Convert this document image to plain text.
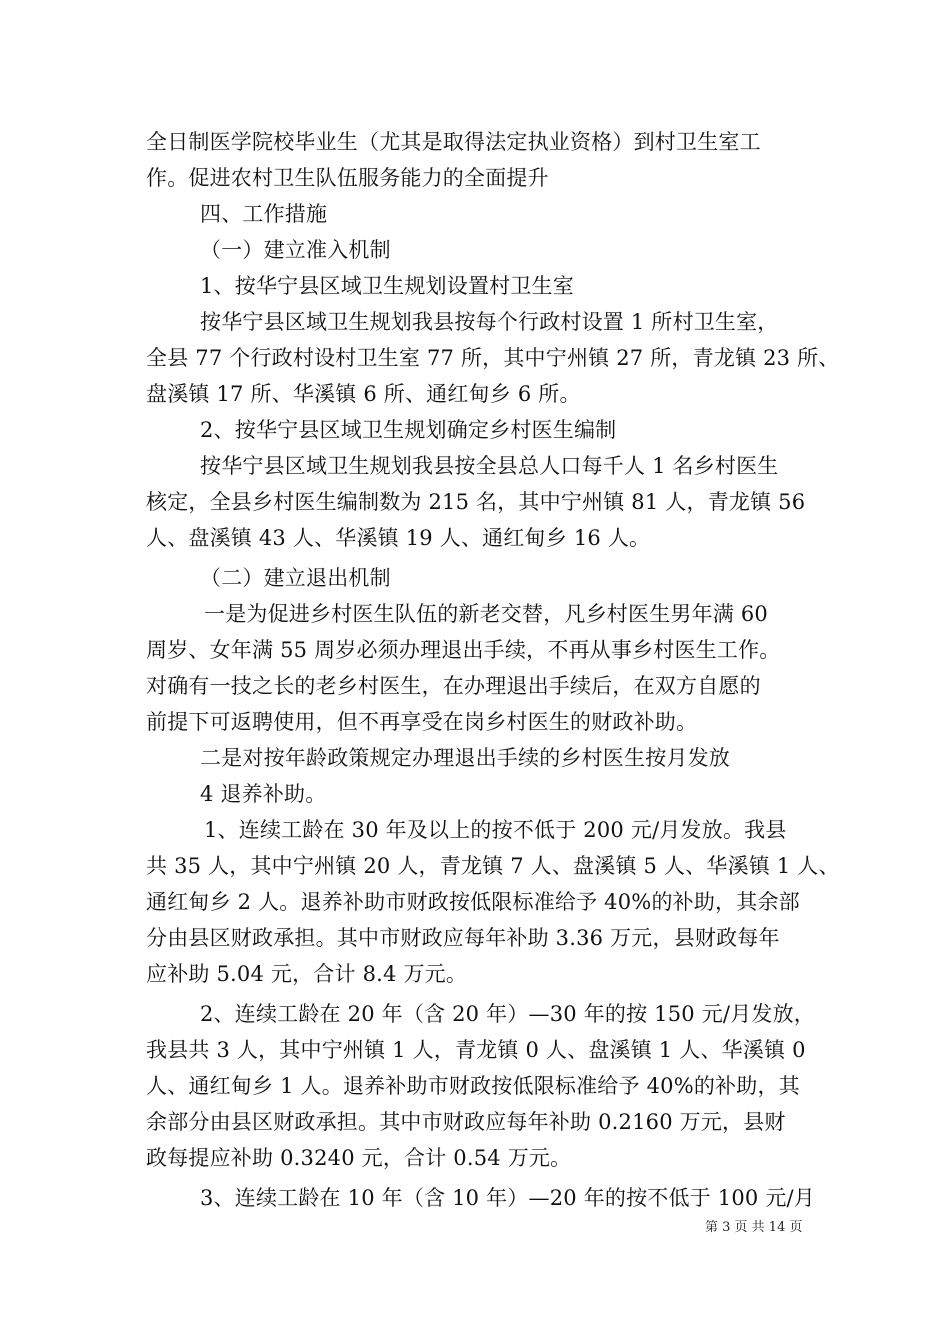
全日制医学院校毕业生（尤其是取得法定执业资格）到村卫生室工
作。促进农村卫生队伍服务能力的全面提升
四、工作措施
（一）建立准入机制
1、按华宁县区域卫生规划设置村卫生室
按华宁县区域卫生规划我县按每个行政村设置 1 所村卫生室，
全县 77 个行政村设村卫生室 77 所，其中宁州镇 27 所，青龙镇 23 所、
盘溪镇 17 所、华溪镇 6 所、通红甸乡 6 所。
2、按华宁县区域卫生规划确定乡村医生编制
按华宁县区域卫生规划我县按全县总人口每千人 1 名乡村医生
核定，全县乡村医生编制数为 215 名，其中宁州镇 81 人，青龙镇 56
人、盘溪镇 43 人、华溪镇 19 人、通红甸乡 16 人。
（二）建立退出机制
一是为促进乡村医生队伍的新老交替，凡乡村医生男年满 60
周岁、女年满 55 周岁必须办理退出手续，不再从事乡村医生工作。
对确有一技之长的老乡村医生，在办理退出手续后，在双方自愿的
前提下可返聘使用，但不再享受在岗乡村医生的财政补助。
二是对按年龄政策规定办理退出手续的乡村医生按月发放
4 退养补助。
1、连续工龄在 30 年及以上的按不低于 200 元/月发放。我县
共 35 人，其中宁州镇 20 人，青龙镇 7 人、盘溪镇 5 人、华溪镇 1 人、
通红甸乡 2 人。退养补助市财政按低限标准给予 40%的补助，其余部
分由县区财政承担。其中市财政应每年补助 3.36 万元，县财政每年
应补助 5.04 元，合计 8.4 万元。
2、连续工龄在 20 年（含 20 年）—30 年的按 150 元/月发放，
我县共 3 人，其中宁州镇 1 人，青龙镇 0 人、盘溪镇 1 人、华溪镇 0
人、通红甸乡 1 人。退养补助市财政按低限标准给予 40%的补助，其
余部分由县区财政承担。其中市财政应每年补助 0.2160 万元，县财
政每提应补助 0.3240 元，合计 0.54 万元。
3、连续工龄在 10 年（含 10 年）—20 年的按不低于 100 元/月
第 3 页 共 14 页
